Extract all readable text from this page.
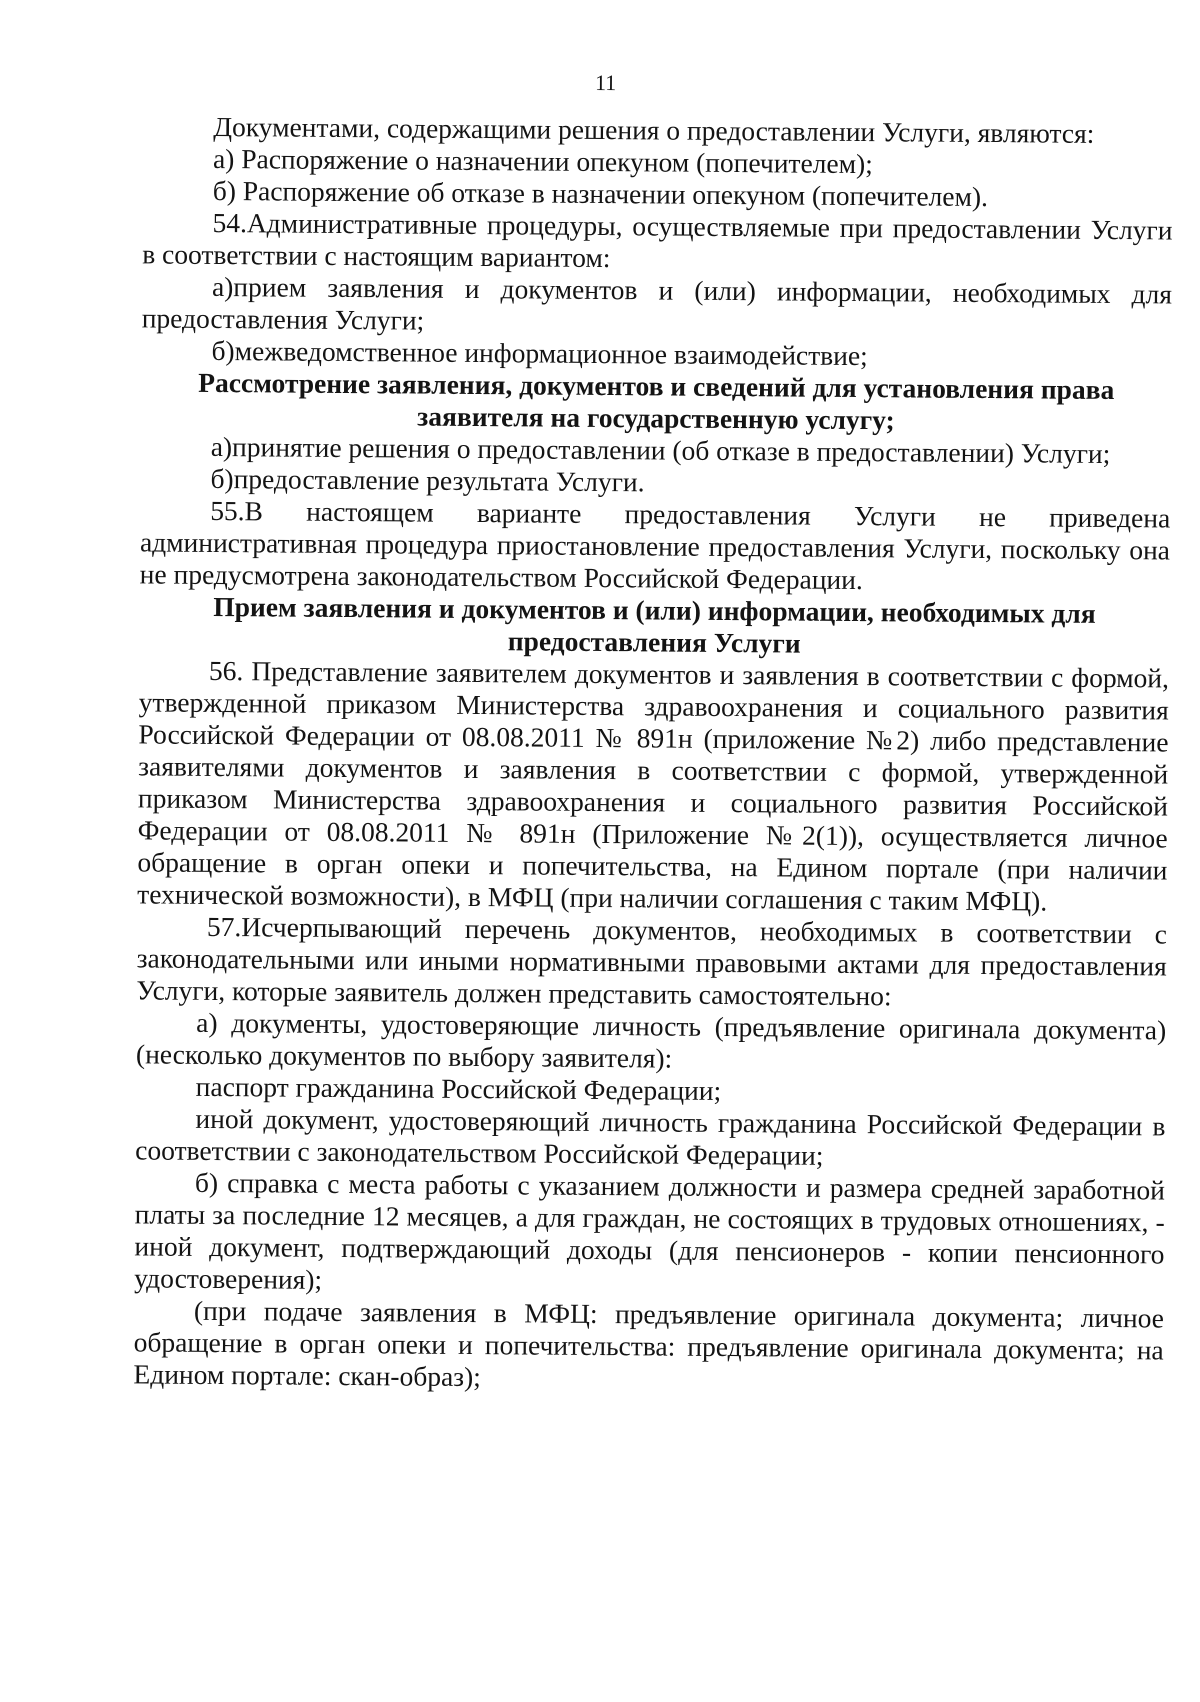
11

Документами, содержащими решения о предоставлении Услуги, являются:

а) Распоряжение о назначении опекуном (попечителем);

б) Распоряжение об отказе в назначении опекуном (попечителем).

54.Административные процедуры, осуществляемые при предоставлении Услуги в соответствии с настоящим вариантом:

а)прием заявления и документов и (или) информации, необходимых для предоставления Услуги;

б)межведомственное информационное взаимодействие;

Рассмотрение заявления, документов и сведений для установления права заявителя на государственную услугу;

а)принятие решения о предоставлении (об отказе в предоставлении) Услуги;

б)предоставление результата Услуги.

55.В настоящем варианте предоставления Услуги не приведена административная процедура приостановление предоставления Услуги, поскольку она не предусмотрена законодательством Российской Федерации.

Прием заявления и документов и (или) информации, необходимых для предоставления Услуги

56. Представление заявителем документов и заявления в соответствии с формой, утвержденной приказом Министерства здравоохранения и социального развития Российской Федерации от 08.08.2011 № 891н (приложение №2) либо представление заявителями документов и заявления в соответствии с формой, утвержденной приказом Министерства здравоохранения и социального развития Российской Федерации от 08.08.2011 № 891н (Приложение №2(1)), осуществляется личное обращение в орган опеки и попечительства, на Едином портале (при наличии технической возможности), в МФЦ (при наличии соглашения с таким МФЦ).

57.Исчерпывающий перечень документов, необходимых в соответствии с законодательными или иными нормативными правовыми актами для предоставления Услуги, которые заявитель должен представить самостоятельно:

а) документы, удостоверяющие личность (предъявление оригинала документа) (несколько документов по выбору заявителя):

паспорт гражданина Российской Федерации;

иной документ, удостоверяющий личность гражданина Российской Федерации в соответствии с законодательством Российской Федерации;

б) справка с места работы с указанием должности и размера средней заработной платы за последние 12 месяцев, а для граждан, не состоящих в трудовых отношениях, - иной документ, подтверждающий доходы (для пенсионеров - копии пенсионного удостоверения);

(при подаче заявления в МФЦ: предъявление оригинала документа; личное обращение в орган опеки и попечительства: предъявление оригинала документа; на Едином портале: скан-образ);
